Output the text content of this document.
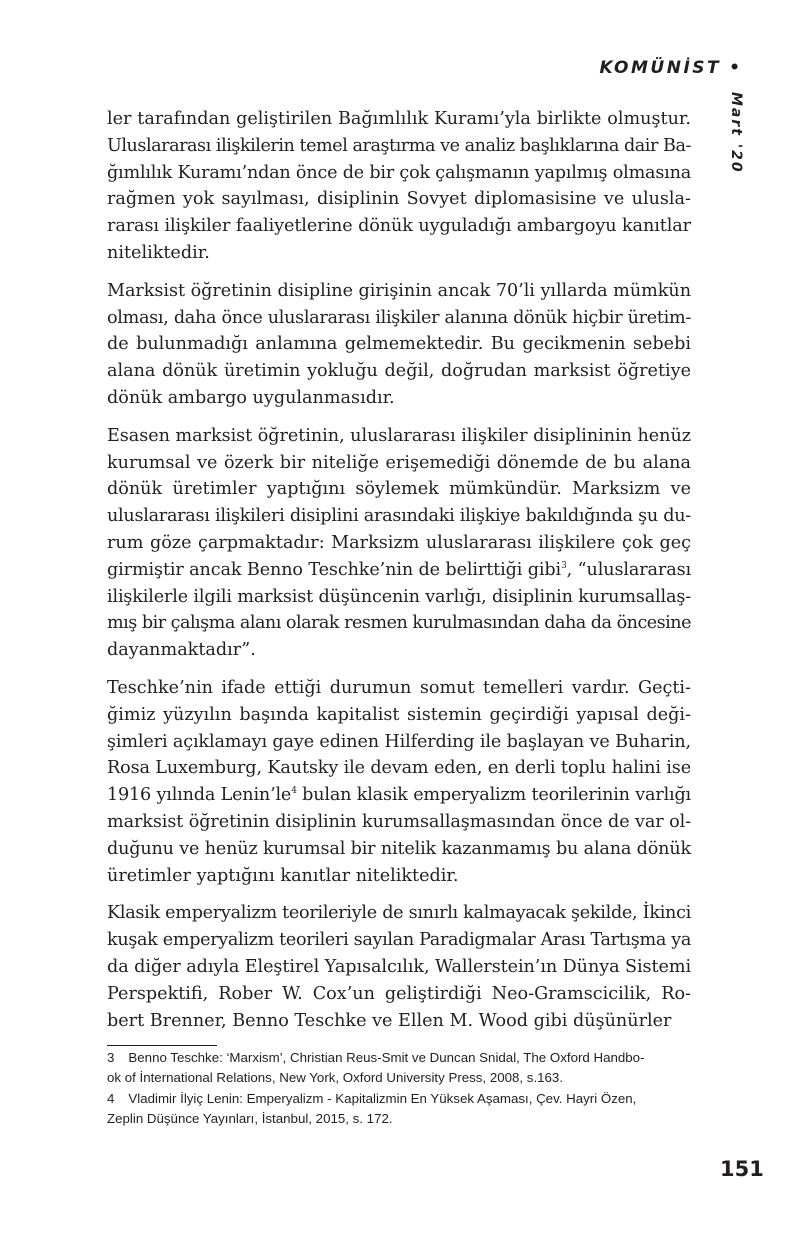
KOMÜNİST •
Mart '20
ler tarafından geliştirilen Bağımlılık Kuramı’yla birlikte olmuştur.
Uluslararası ilişkilerin temel araştırma ve analiz başlıklarına dair Ba-
ğımlılık Kuramı’ndan önce de bir çok çalışmanın yapılmış olmasına
rağmen yok sayılması, disiplinin Sovyet diplomasisine ve ulusla-
rarası ilişkiler faaliyetlerine dönük uyguladığı ambargoyu kanıtlar
niteliktedir.
Marksist öğretinin disipline girişinin ancak 70’li yıllarda mümkün
olması, daha önce uluslararası ilişkiler alanına dönük hiçbir üretim-
de bulunmadığı anlamına gelmemektedir. Bu gecikmenin sebebi
alana dönük üretimin yokluğu değil, doğrudan marksist öğretiye
dönük ambargo uygulanmasıdır.
Esasen marksist öğretinin, uluslararası ilişkiler disiplininin henüz
kurumsal ve özerk bir niteliğe erişemediği dönemde de bu alana
dönük üretimler yaptığını söylemek mümkündür. Marksizm ve
uluslararası ilişkileri disiplini arasındaki ilişkiye bakıldığında şu du-
rum göze çarpmaktadır: Marksizm uluslararası ilişkilere çok geç
girmiştir ancak Benno Teschke’nin de belirttiği gibi$^3$, “uluslararası
ilişkilerle ilgili marksist düşüncenin varlığı, disiplinin kurumsallaş-
mış bir çalışma alanı olarak resmen kurulmasından daha da öncesine
dayanmaktadır”.
Teschke’nin ifade ettiği durumun somut temelleri vardır. Geçti-
ğimiz yüzyılın başında kapitalist sistemin geçirdiği yapısal deği-
şimleri açıklamayı gaye edinen Hilferding ile başlayan ve Buharin,
Rosa Luxemburg, Kautsky ile devam eden, en derli toplu halini ise
1916 yılında $Lenin’le^4$ bulan klasik emperyalizm teorilerinin varlığı
marksist öğretinin disiplinin kurumsallaşmasından önce de var ol-
duğunu ve henüz kurumsal bir nitelik kazanmamış bu alana dönük
üretimler yaptığını kanıtlar niteliktedir.
Klasik emperyalizm teorileriyle de sınırlı kalmayacak şekilde, İkinci
kuşak emperyalizm teorileri sayılan Paradigmalar Arası Tartışma ya
da diğer adıyla Eleştirel Yapısalcılık, Wallerstein’ın Dünya Sistemi
Perspektifi, Rober W. Cox’un geliştirdiği Neo-Gramscicilik, Ro-
bert Brenner, Benno Teschke ve Ellen M. Wood gibi düşünürler
3 Benno Teschke: ‘Marxism’, Christian Reus-Smit ve Duncan Snidal, The Oxford Handbo-
ok of İnternational Relations, New York, Oxford University Press, 2008, s.163.
4 Vladimir İlyiç Lenin: Emperyalizm - Kapitalizmin En Yüksek Aşaması, Çev. Hayri Özen,
Zeplin Düşünce Yayınları, İstanbul, 2015, s. 172.
151
